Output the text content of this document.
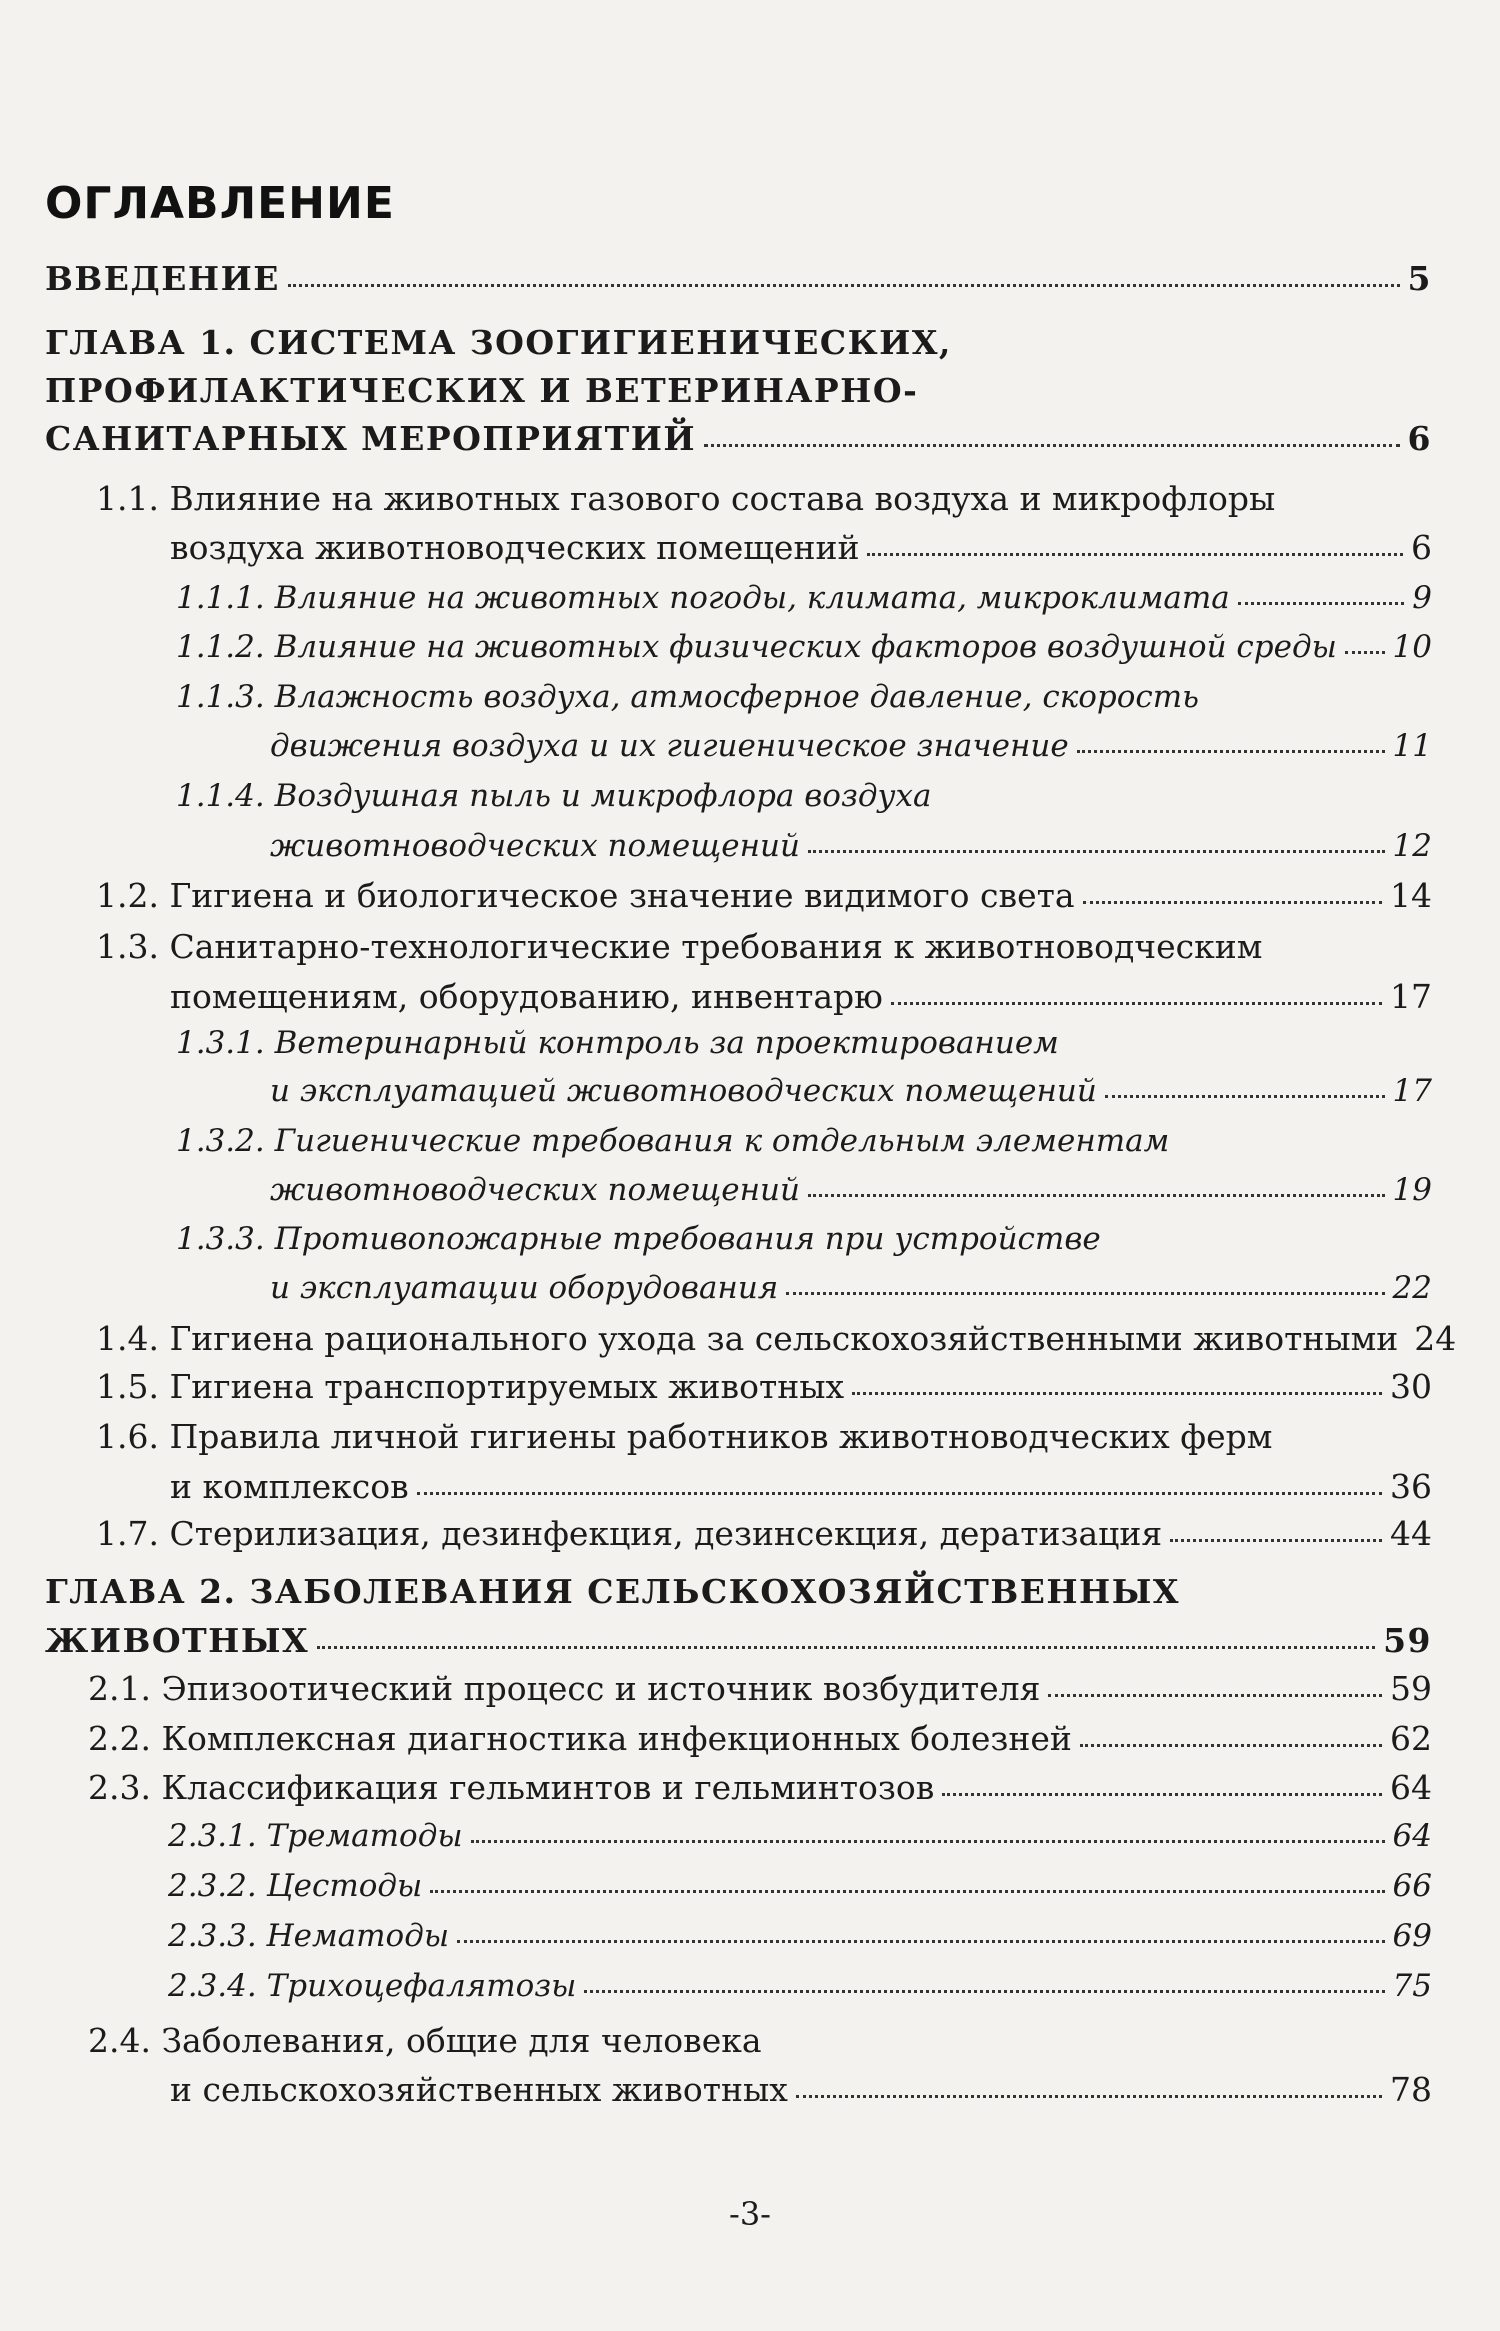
ОГЛАВЛЕНИЕ
ВВЕДЕНИЕ	5
ГЛАВА 1. СИСТЕМА ЗООГИГИЕНИЧЕСКИХ,
ПРОФИЛАКТИЧЕСКИХ И ВЕТЕРИНАРНО-
САНИТАРНЫХ МЕРОПРИЯТИЙ	6
1.1. Влияние на животных газового состава воздуха и микрофлоры
воздуха животноводческих помещений	6
1.1.1. Влияние на животных погоды, климата, микроклимата	9
1.1.2. Влияние на животных физических факторов воздушной среды 10
1.1.3. Влажность воздуха, атмосферное давление, скорость
движения воздуха и их гигиеническое значение	11
1.1.4. Воздушная пыль и микрофлора воздуха
животноводческих помещений	12
1.2. Гигиена и биологическое значение видимого света	14
1.3. Санитарно-технологические требования к животноводческим
помещениям, оборудованию, инвентарю	17
1.3.1. Ветеринарный контроль за проектированием
и эксплуатацией животноводческих помещений	17
1.3.2. Гигиенические требования к отдельным элементам
животноводческих помещений	19
1.3.3. Противопожарные требования при устройстве
и эксплуатации оборудования	22
1.4. Гигиена рационального ухода за сельскохозяйственными животными 24
1.5. Гигиена транспортируемых животных	30
1.6. Правила личной гигиены работников животноводческих ферм
и комплексов	36
1.7. Стерилизация, дезинфекция, дезинсекция, дератизация	44
ГЛАВА 2. ЗАБОЛЕВАНИЯ СЕЛЬСКОХОЗЯЙСТВЕННЫХ
ЖИВОТНЫХ	59
2.1. Эпизоотический процесс и источник возбудителя	59
2.2. Комплексная диагностика инфекционных болезней	62
2.3. Классификация гельминтов и гельминтозов	64
2.3.1. Трематоды	64
2.3.2. Цестоды	66
2.3.3. Нематоды	69
2.3.4. Трихоцефалятозы	75
2.4. Заболевания, общие для человека
и сельскохозяйственных животных	78
-3-
